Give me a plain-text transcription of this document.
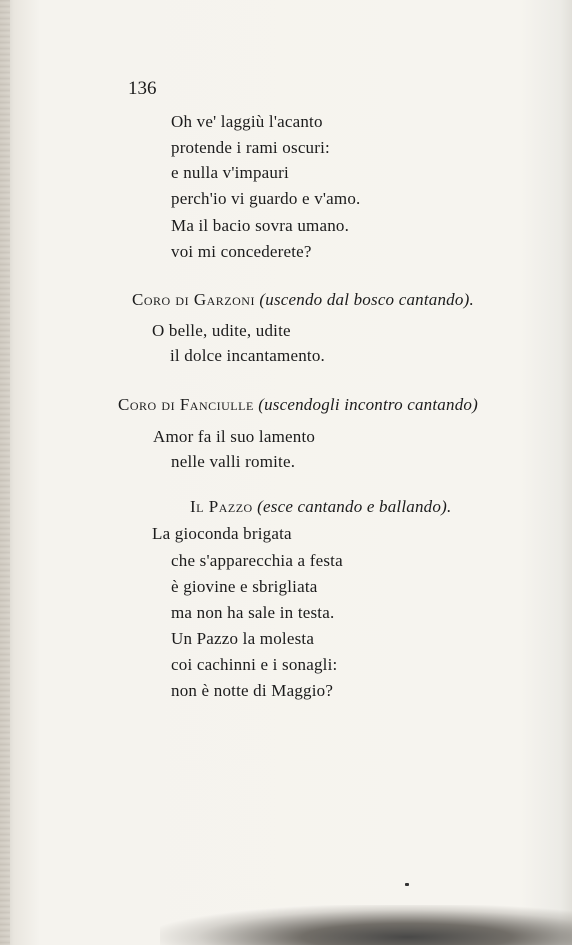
136
Oh ve' laggiù l'acanto
protende i rami oscuri:
e nulla v'impauri
perch'io vi guardo e v'amo.
Ma il bacio sovra umano.
voi mi concederete?
Coro di Garzoni (uscendo dal bosco cantando).
O belle, udite, udite
il dolce incantamento.
Coro di Fanciulle (uscendogli incontro cantando)
Amor fa il suo lamento
nelle valli romite.
Il Pazzo (esce cantando e ballando).
La gioconda brigata
che s'apparecchia a festa
è giovine e sbrigliata
ma non ha sale in testa.
Un Pazzo la molesta
coi cachinni e i sonagli:
non è notte di Maggio?
